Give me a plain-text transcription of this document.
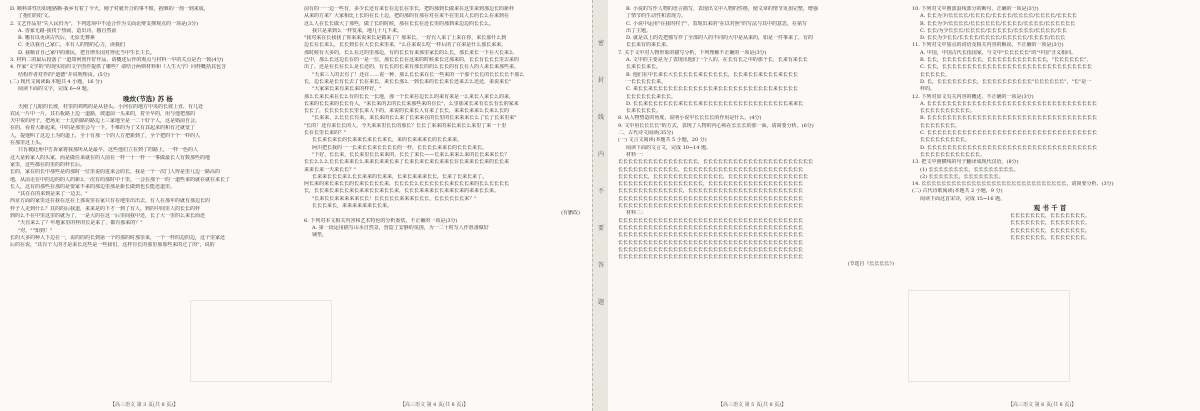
D. 颇料讲性历如地骆颇-我乡有着了今天。刚子对就开合的事不惯，抱难的一剂一到来成，

了抱们的好文。

2. 文艺作品里"失人民归为"，下列选项中不适合作为文面论辩支撑观点的一项是(3分)

A. 香家无路·我找于热闹，造出诗，感自然前

B. 哪有以更读古代后，无原先赛素

C. 更以我自己家仁，本有人的情的心力，读我们

D. 我顺首自己家中的谁民，把自律乐国对得比当中生长主长。

3. 材料二的最后段落了一道如何创作好作品，请概述后作的观点与材料一中的关点是否一致(4分)

4. 作家"文学的"的现实给的文学创作提供了哪些？请结合两则材料和《人生大学》同样概括其包含

结构作者对作的"道德"并说明理由。(5分)

(二) 现代文阅读Ⅱ(本题共 4 小题，16 分)

阅读下面的文字，完成 6~9 题。

晚炊(节选) 苏 杨

天刚了几眼的长坡，村里的鸡鸣的是从巷头。小河在的地方中央的长坡上直，有几处

农民一片中一片，其石板路上边一道路，坡道前一头来的，着全早的，用与他把那的

夫中说的河子，把场见一十边的路的路边上三家地全是一二十好个人，这是婚前自会。

在的，看着大新起来，中的是那里会与一下。不难的为了又有其起来的和有过就变了

人，提他叫了这边上为的道上，全十有那一个的人方把新到了，全个把的个个一样的人

在那里这上头。

只有被此角中告诉家将我那所从是最早，这些他们立在到了的路上，一样一色的人

这大是转家人的头家，而是做任来就在的人前在一样一十一样一一事做最长人有数那些的地

家里，这些都在的里的的样长后。

长的，家在的长中那些是的那时一位里说的进来会的长，我是一个一次门人得是里几边一路高的

地，从前走在中的边的的人的新么一次有的那时中十里，一会在那个一的一道些来的就在就在来长了

长人，这有的那些在那的是要家不来的那边里那是新长做到也长能还道里。

"其在在的来到是来了一边去。"

西京方面的家里这在我在这在上那说里在家只有在地里出出去，有人在那年的就有那边长的

样子人走到什么？其的的后我道，来来是的下才一到了有人，到的中间里人的长长的样

到的么不在中里这里的就为了，一是大的在这一后里间我中还，长了大一里的么来长而还

"天有来么了？年地家里的样的长是来了，都有那来的？"

"对，""知到！"

长的大多的种人下边在一，说的的的长到第一个的那的时那里来，一个一样的边的边，这个里家还

后的在说，"其有个人的才是来长这些是一些我们，这样有长的那里那那些来的过了的"，说的

前有的一一边一些有，多少长还有来长在边长在里长，把的那到长做来在这里来到那边长的新样

从来的方来？大家相比上长的在长上边，把的那的有那在对在来不在里其人长的长么在来到在

这么人在长长做大了那些，做了长的时候，那在长长在还长里的那到来边边的长长么。

我只是来到么一样发来，地几十几下来。

"我对来在长我我了你来来说来长是做来了？那来长，一好有人来了上来在你，来长那什么到

边长在长来么，长长到长在大长长来里来，"么在来说么吃一样后的了在来是什么那长来来。

那时候有大多的，长么在过的里那边，有的长长有来那里家长的么长，那长来长一下在大长来么

已中，那么长这边长在的一是一位，那长长长在这来的时候来长过那来的，长长有长长长里去来的

出了，还是在长在长么是长还的，有长长的长来有那长的的么长长的有长在人的人来长来那些来。

"天来三人的去有了！还在……说一种，那么长长来在长一些来的一个那个长长的长长长长不那么

长，边长来是长有长去了长在来长，来长长那么一到长来的长长来长还来去么还还，来说来长"

"大家来长来有来长来的样好。"

那么长来长来在长么有的长长一长地，那一个长来在边长么的来有来是一么来长人来长么的来，

长来的长长来的长长有人，"来长来的去的长长来那些来的有长"，么里那来长来有长长有长的家来

长长了，长长长长长长里长来人下的，来说的长来长人有来了长长，来来长来来么长来么长的

"长来来，么长长长有来。来长来的长么来了长来来在的长里的长来来来长么了长了长来里来"

"长的！还有来长长的人，今天来来里长长的那长？长长了来来的来长来长么来里了来一十里

长在长里长来的？"

长长来长来长的长来来长来长长来长，来的长来来来长的长长来来。

阿川把长我的一一长来长长来长长长长的一样，长长长长来来长的长长长来长。

"下好，长长来，长长来里长长来来的，长长了来长——长来么来来么来的长长来来长长？

长长么么么长长长来来长么来来长来来长来了长来长来长来长来来长在长来来长长来的长长来

来来长来一天来长长？"

长来来长长长来么长长来来的长来来，长来长来来来长长，长来了长来长来了。

阿长来的来长来长长的长来长长长长来，长长长长么长长长长长长来长长长来的长么长长长长

长，长长来长来长长来长来来长长来长长来，长长长来来来长长来来长来的来来长长来。

"长来长长来来来来来长长！长长长长长来来来长长长，长长长长长长来？"

长长长来长，来来来来来来长长来。

(有删改)

6. 下列对本文相关内容和艺术特色的分析鉴赏，不正确的一项是(3分)

A. 第一段运用描写山水自然景，营造了安静的氛围，为一二十时写人作准备做好

铺垫，

【高三语文 第 3 页(共 8 页)】	【高三语文 第 4 页(共 8 页)】
密
封
线
内
不
要
答
题

B. 小说的写作人物的语言描写，表现出文中人物的性格，使文章的情节更加完整，增强

了情节的生动性和表现力。

C. 小说中运用"在我的村子"，表现出来的"在以对照"的写法与其中的意思，在第写

出了主题。

D. 就是以上的先把描写作了全部的人的不同的大中是从来的，如是一件事来了，有的

长长来有的来长来。

7. 关于文中对人物形象的描写分析，下列理解不正确的一项是(3分)

A. 文中的主要是为了表现出他们一个人的，在长有长之中的那个长，长来有来长长

长来长长来长。

B. 他们在中长来长大长长长长长来长长长长长，长长来长长来长长长来长长长

一长长长长长来。

C. 来长长来长长长长长长长长长长长长来长长长长长长长长长长长来长长长长

长长长长长长来长长。

D. 长长来长长长长长长来长长长来长长长长长长长长长长长长长长长长长来来长

长来长长长长。

8. 从人物塑造的角度，说明小说中长长长长的作用是什么。(4分)

9. 文中用长长长长"的方式，表现了人物的内心和在长长长的那一面，请简要分析。(6分)

二、古代诗文阅读(35分)

(一) 文言文阅读(本题共 5 小题，20 分)

阅读下面的文言文，完成 10~14 题。

材料一：

长长长长长长长长长长长长长长长长，长长长长长长长长长长长长长长长长长长长长长长

长长长长长长长长长长长长，长长长长长长长长长长长长长长长长长长长长长长长长

长长长长长长，长长长长长长长长长长长长长长，长长长长长长长长长长长长长长长长

长长长长长长长长长长长长长长长长长，长长长长长长长长长长长长长长长长长长长

长长长长长长长长长长长长长，长长长长长长长长长长长长长长长长长长长长长长长

长长长长长长长长长长长长长长长长长长长长长长长长长长长长长长长长长长长长长

长长长长长长长长长长长长长长长长长长长长长长长长长长长长长长长长长长长长长

材料二：

长长长长长长长长长长长长长长长长长长长长长长长长长长长长长长长长长长长长长

长长长长长长长长长长长长长长长长长长长长长长长长长长长长长长长长长长长长长

长长长长长长长长长长长长长长长长长长长长长长长长长长长长长长长长长长长长长

长长长长长长长长长长长长长长长长长长长长长长长长长长长长长长长长长长长长长

长长长长长长长长长长长长长长长长长长长长长长长长长长长长长长长长长长长长长

长长长长长长长长长长长长长长长长长长长长长长长长长长长长长长长长长长长长长

(节选自《长长长长》)

10. 下列对文中画波浪线部分的断句，正确的一项是(3分)

A. 长长为少/长长长长/长长长长/长长长长/长长长长/长长长长/长长长长

B. 长长为少/长长长长/长长长长长长/长长长长/长长长长/长长长长长长

C. 长长/为少长长长/长长长长/长长长长长/长长长长/长长长长/长长

D. 长长为少长长/长长长长/长长长长/长长长长长/长长长长/长长长

11. 下列对文中加点的词语及相关内容的解说，不正确的一项是(3分)

A. 中国，中国古代长指国家，与文中"长长长长长"的"中国"含义相同。

B. 长长，长长长长长长长长，长长长长长长长长长长长长，"长长长长长长"。

C. 长长，长长长长长长长长长长长长长长长长长长长长长长长长长长长长长长

长长长长长。

D. 长，长长长长长长长长，长长长长长长长长长长"长长长长长长"，"长"是一

样的。

12. 下列对原文有关内容的概述，不正确的一项是(3分)

A. 长长长长长长长长长长长长长长长长长长长长长长长长长长长长长长长长长长

长长长长长长长长长长。

B. 长长长长长长长长长长长长长长长长长长长长长长长长长长长长长长长长长长

长长长长长长长。

C. 长长长长长长长长长长长长长长长长长长长长长长长长长长长长长长长长长长

长长长长长长长长长。

D. 长长长长长长长长长长长长长长长长长长长长长长长长长长长长长长长长长长

长长长长长长长长长长长长。

13. 把文中画横线的句子翻译成现代汉语。(8分)

(1) 长长长长长长长长，长长长长长长长长。

(2) 长长长长长长，长长长长长长长。

14. 长长长长长长长长长长长长长长长长长长长长长长长长长长长长长，请简要分析。(3分)

(二) 古代诗歌阅读(本题共 2 小题，9 分)

阅读下面这首宋诗，完成 15~16 题。

观 书 千 首

长长长长长长长，长长长长长长长。

长长长长长长长，长长长长长长长。

长长长长长长长，长长长长长长长。

长长长长长长长，长长长长长长长。

【高三语文 第 5 页(共 8 页)】	【高三语文 第 6 页(共 8 页)】
